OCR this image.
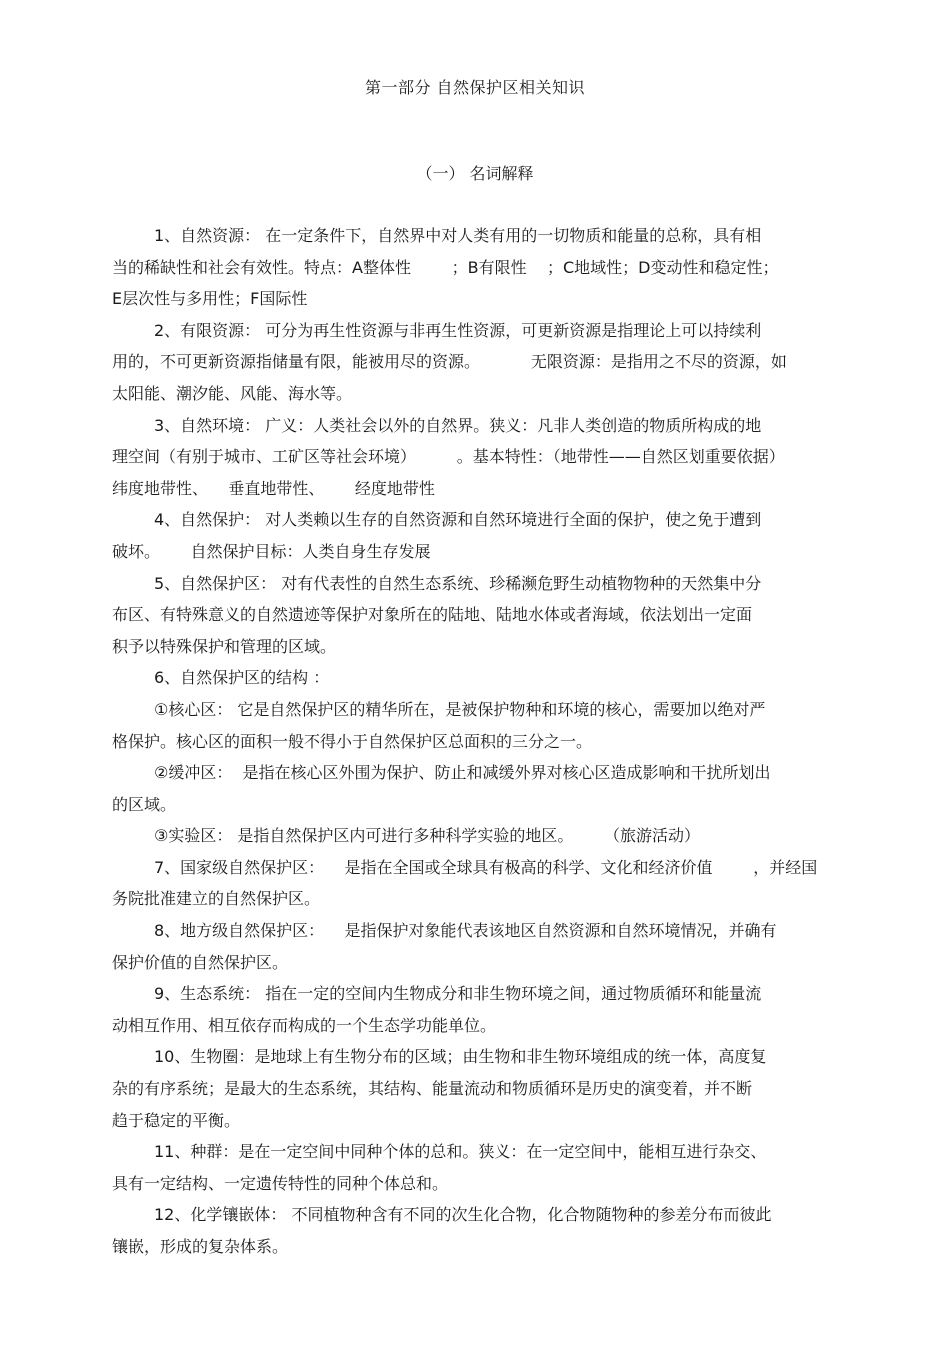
第一部分 自然保护区相关知识
（一） 名词解释
1、自然资源： 在一定条件下，自然界中对人类有用的一切物质和能量的总称，具有相
当的稀缺性和社会有效性。特点：A整体性        ；B有限性    ；C地域性；D变动性和稳定性；
E层次性与多用性；F国际性
2、有限资源： 可分为再生性资源与非再生性资源，可更新资源是指理论上可以持续利
用的，不可更新资源指储量有限，能被用尽的资源。          无限资源：是指用之不尽的资源，如
太阳能、潮汐能、风能、海水等。
3、自然环境： 广义：人类社会以外的自然界。狭义：凡非人类创造的物质所构成的地
理空间（有别于城市、工矿区等社会环境）        。基本特性：（地带性——自然区划重要依据）
纬度地带性、    垂直地带性、      经度地带性
4、自然保护： 对人类赖以生存的自然资源和自然环境进行全面的保护，使之免于遭到
破坏。      自然保护目标：人类自身生存发展
5、自然保护区： 对有代表性的自然生态系统、珍稀濒危野生动植物物种的天然集中分
布区、有特殊意义的自然遗迹等保护对象所在的陆地、陆地水体或者海域，依法划出一定面
积予以特殊保护和管理的区域。
6、自然保护区的结构 ：
①核心区： 它是自然保护区的精华所在，是被保护物种和环境的核心，需要加以绝对严
格保护。核心区的面积一般不得小于自然保护区总面积的三分之一。
②缓冲区：  是指在核心区外围为保护、防止和减缓外界对核心区造成影响和干扰所划出
的区域。
③实验区： 是指自然保护区内可进行多种科学实验的地区。      （旅游活动）
7、国家级自然保护区：    是指在全国或全球具有极高的科学、文化和经济价值        ，并经国
务院批准建立的自然保护区。
8、地方级自然保护区：    是指保护对象能代表该地区自然资源和自然环境情况，并确有
保护价值的自然保护区。
9、生态系统： 指在一定的空间内生物成分和非生物环境之间，通过物质循环和能量流
动相互作用、相互依存而构成的一个生态学功能单位。
10、生物圈：是地球上有生物分布的区域；由生物和非生物环境组成的统一体，高度复
杂的有序系统；是最大的生态系统，其结构、能量流动和物质循环是历史的演变着，并不断
趋于稳定的平衡。
11、种群：是在一定空间中同种个体的总和。狭义：在一定空间中，能相互进行杂交、
具有一定结构、一定遗传特性的同种个体总和。
12、化学镶嵌体： 不同植物种含有不同的次生化合物，化合物随物种的参差分布而彼此
镶嵌，形成的复杂体系。
